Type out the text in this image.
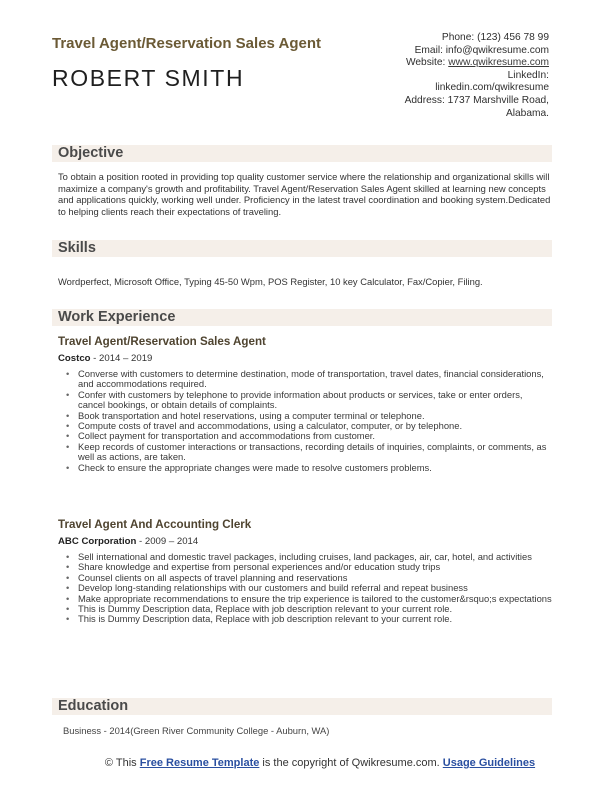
Travel Agent/Reservation Sales Agent
ROBERT SMITH
Phone: (123) 456 78 99
Email: info@qwikresume.com
Website: www.qwikresume.com
LinkedIn:
linkedin.com/qwikresume
Address: 1737 Marshville Road,
Alabama.
Objective
To obtain a position rooted in providing top quality customer service where the relationship and organizational skills will maximize a company's growth and profitability. Travel Agent/Reservation Sales Agent skilled at learning new concepts and applications quickly, working well under. Proficiency in the latest travel coordination and booking system.Dedicated to helping clients reach their expectations of traveling.
Skills
Wordperfect, Microsoft Office, Typing 45-50 Wpm, POS Register, 10 key Calculator, Fax/Copier, Filing.
Work Experience
Travel Agent/Reservation Sales Agent
Costco - 2014 – 2019
• Converse with customers to determine destination, mode of transportation, travel dates, financial considerations, and accommodations required.
• Confer with customers by telephone to provide information about products or services, take or enter orders, cancel bookings, or obtain details of complaints.
• Book transportation and hotel reservations, using a computer terminal or telephone.
• Compute costs of travel and accommodations, using a calculator, computer, or by telephone.
• Collect payment for transportation and accommodations from customer.
• Keep records of customer interactions or transactions, recording details of inquiries, complaints, or comments, as well as actions, are taken.
• Check to ensure the appropriate changes were made to resolve customers problems.
Travel Agent And Accounting Clerk
ABC Corporation - 2009 – 2014
• Sell international and domestic travel packages, including cruises, land packages, air, car, hotel, and activities
• Share knowledge and expertise from personal experiences and/or education study trips
• Counsel clients on all aspects of travel planning and reservations
• Develop long-standing relationships with our customers and build referral and repeat business
• Make appropriate recommendations to ensure the trip experience is tailored to the customer&rsquo;s expectations
• This is Dummy Description data, Replace with job description relevant to your current role.
• This is Dummy Description data, Replace with job description relevant to your current role.
Education
Business - 2014(Green River Community College - Auburn, WA)
© This Free Resume Template is the copyright of Qwikresume.com. Usage Guidelines
